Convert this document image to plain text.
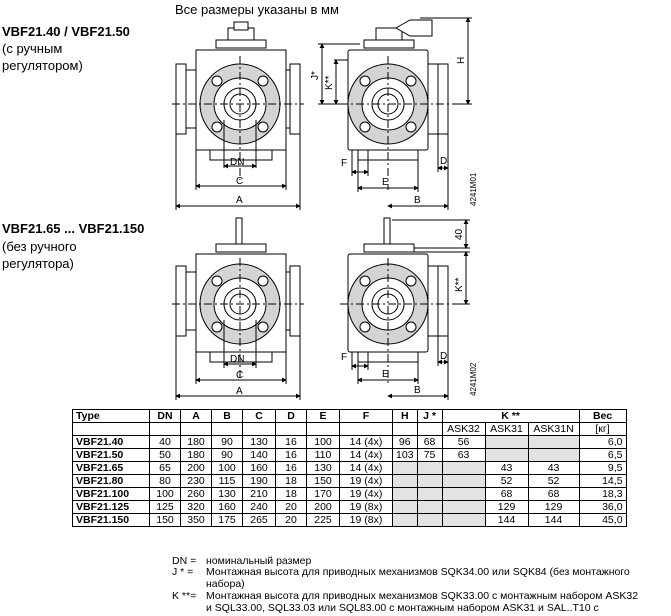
Все размеры указаны в мм
VBF21.40 / VBF21.50
(с ручным
регулятором)
VBF21.65 ... VBF21.150
(без ручного
регулятора)
DN
C
A
H
J* K**
F
E
D
B	4241M01
DN
C
A
40
K**
F
E
D
B	4241M02
Type	DN	A	B	C	D	E	F	H	J *	K **			Вес
										ASK32	ASK31	ASK31N	[кг]
VBF21.40	40	180	90	130	16	100	14 (4x)	96	68	56			6,0
VBF21.50	50	180	90	140	16	110	14 (4x)	103	75	63			6,5
VBF21.65	65	200	100	160	16	130	14 (4x)				43	43	9,5
VBF21.80	80	230	115	190	18	150	19 (4x)				52	52	14,5
VBF21.100	100	260	130	210	18	170	19 (4x)				68	68	18,3
VBF21.125	125	320	160	240	20	200	19 (8x)				129	129	36,0
VBF21.150	150	350	175	265	20	225	19 (8x)				144	144	45,0
DN = номинальный размер
J * = Монтажная высота для приводных механизмов SQK34.00 или SQK84 (без монтажного
набора)
K **= Монтажная высота для приводных механизмов SQK33.00 с монтажным набором ASK32
и SQL33.00, SQL33.03 или SQL83.00 с монтажным набором ASK31 и SAL..T10 с
